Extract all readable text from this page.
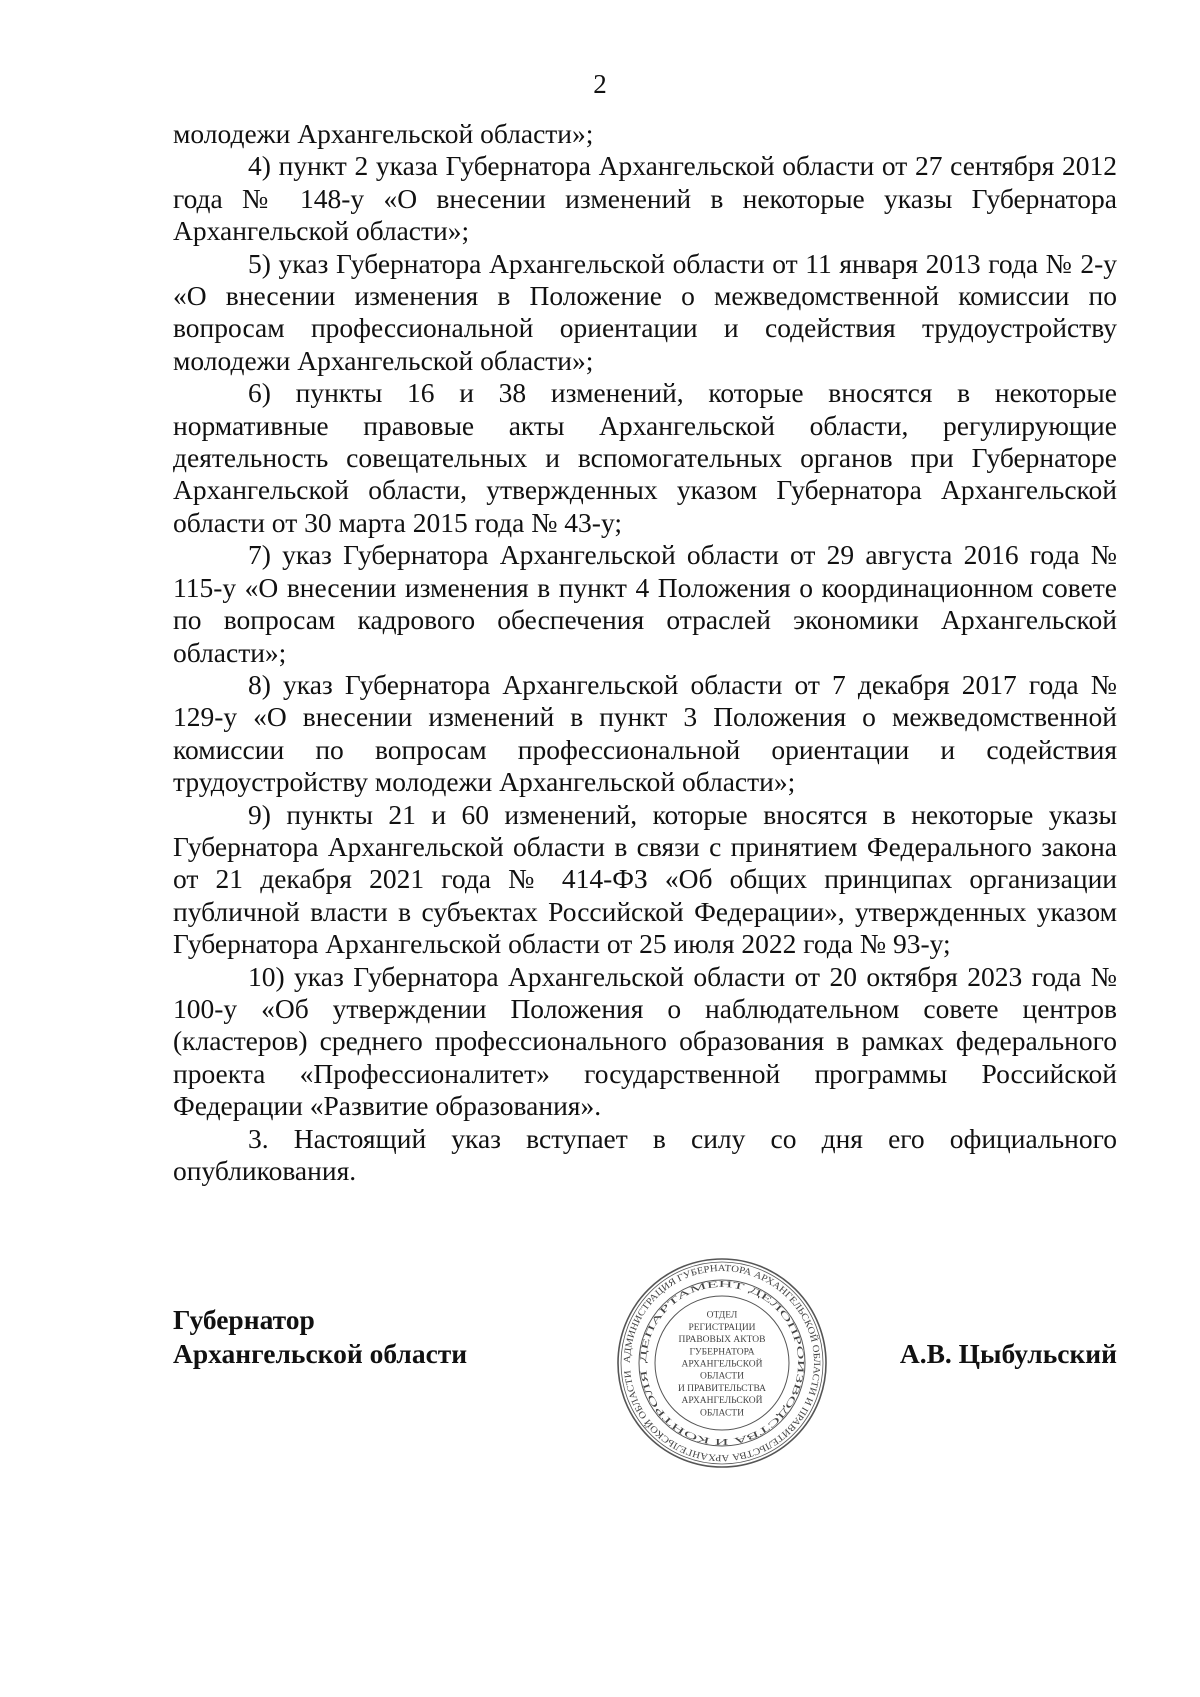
2

молодежи Архангельской области»;

4) пункт 2 указа Губернатора Архангельской области от 27 сентября 2012 года № 148-у «О внесении изменений в некоторые указы Губернатора Архангельской области»;

5) указ Губернатора Архангельской области от 11 января 2013 года № 2-у «О внесении изменения в Положение о межведомственной комиссии по вопросам профессиональной ориентации и содействия трудоустройству молодежи Архангельской области»;

6) пункты 16 и 38 изменений, которые вносятся в некоторые нормативные правовые акты Архангельской области, регулирующие деятельность совещательных и вспомогательных органов при Губернаторе Архангельской области, утвержденных указом Губернатора Архангельской области от 30 марта 2015 года № 43-у;

7) указ Губернатора Архангельской области от 29 августа 2016 года № 115-у «О внесении изменения в пункт 4 Положения о координационном совете по вопросам кадрового обеспечения отраслей экономики Архангельской области»;

8) указ Губернатора Архангельской области от 7 декабря 2017 года № 129-у «О внесении изменений в пункт 3 Положения о межведомственной комиссии по вопросам профессиональной ориентации и содействия трудоустройству молодежи Архангельской области»;

9) пункты 21 и 60 изменений, которые вносятся в некоторые указы Губернатора Архангельской области в связи с принятием Федерального закона от 21 декабря 2021 года № 414-ФЗ «Об общих принципах организации публичной власти в субъектах Российской Федерации», утвержденных указом Губернатора Архангельской области от 25 июля 2022 года № 93-у;

10) указ Губернатора Архангельской области от 20 октября 2023 года № 100-у «Об утверждении Положения о наблюдательном совете центров (кластеров) среднего профессионального образования в рамках федерального проекта «Профессионалитет» государственной программы Российской Федерации «Развитие образования».

3. Настоящий указ вступает в силу со дня его официального опубликования.

Губернатор
Архангельской области	АДМИНИСТРАЦИЯ ГУБЕРНАТОРА АРХАНГЕЛЬСКОЙ ОБЛАСТИ И ПРАВИТЕЛЬСТВА АРХАНГЕЛЬСКОЙ ОБЛАСТИ
ДЕПАРТАМЕНТ ДЕЛОПРОИЗВОДСТВА И КОНТРОЛЯ
ОТДЕЛ
РЕГИСТРАЦИИ
ПРАВОВЫХ АКТОВ
ГУБЕРНАТОРА
АРХАНГЕЛЬСКОЙ
ОБЛАСТИ
И ПРАВИТЕЛЬСТВА
АРХАНГЕЛЬСКОЙ
ОБЛАСТИ
А.В. Цыбульский
